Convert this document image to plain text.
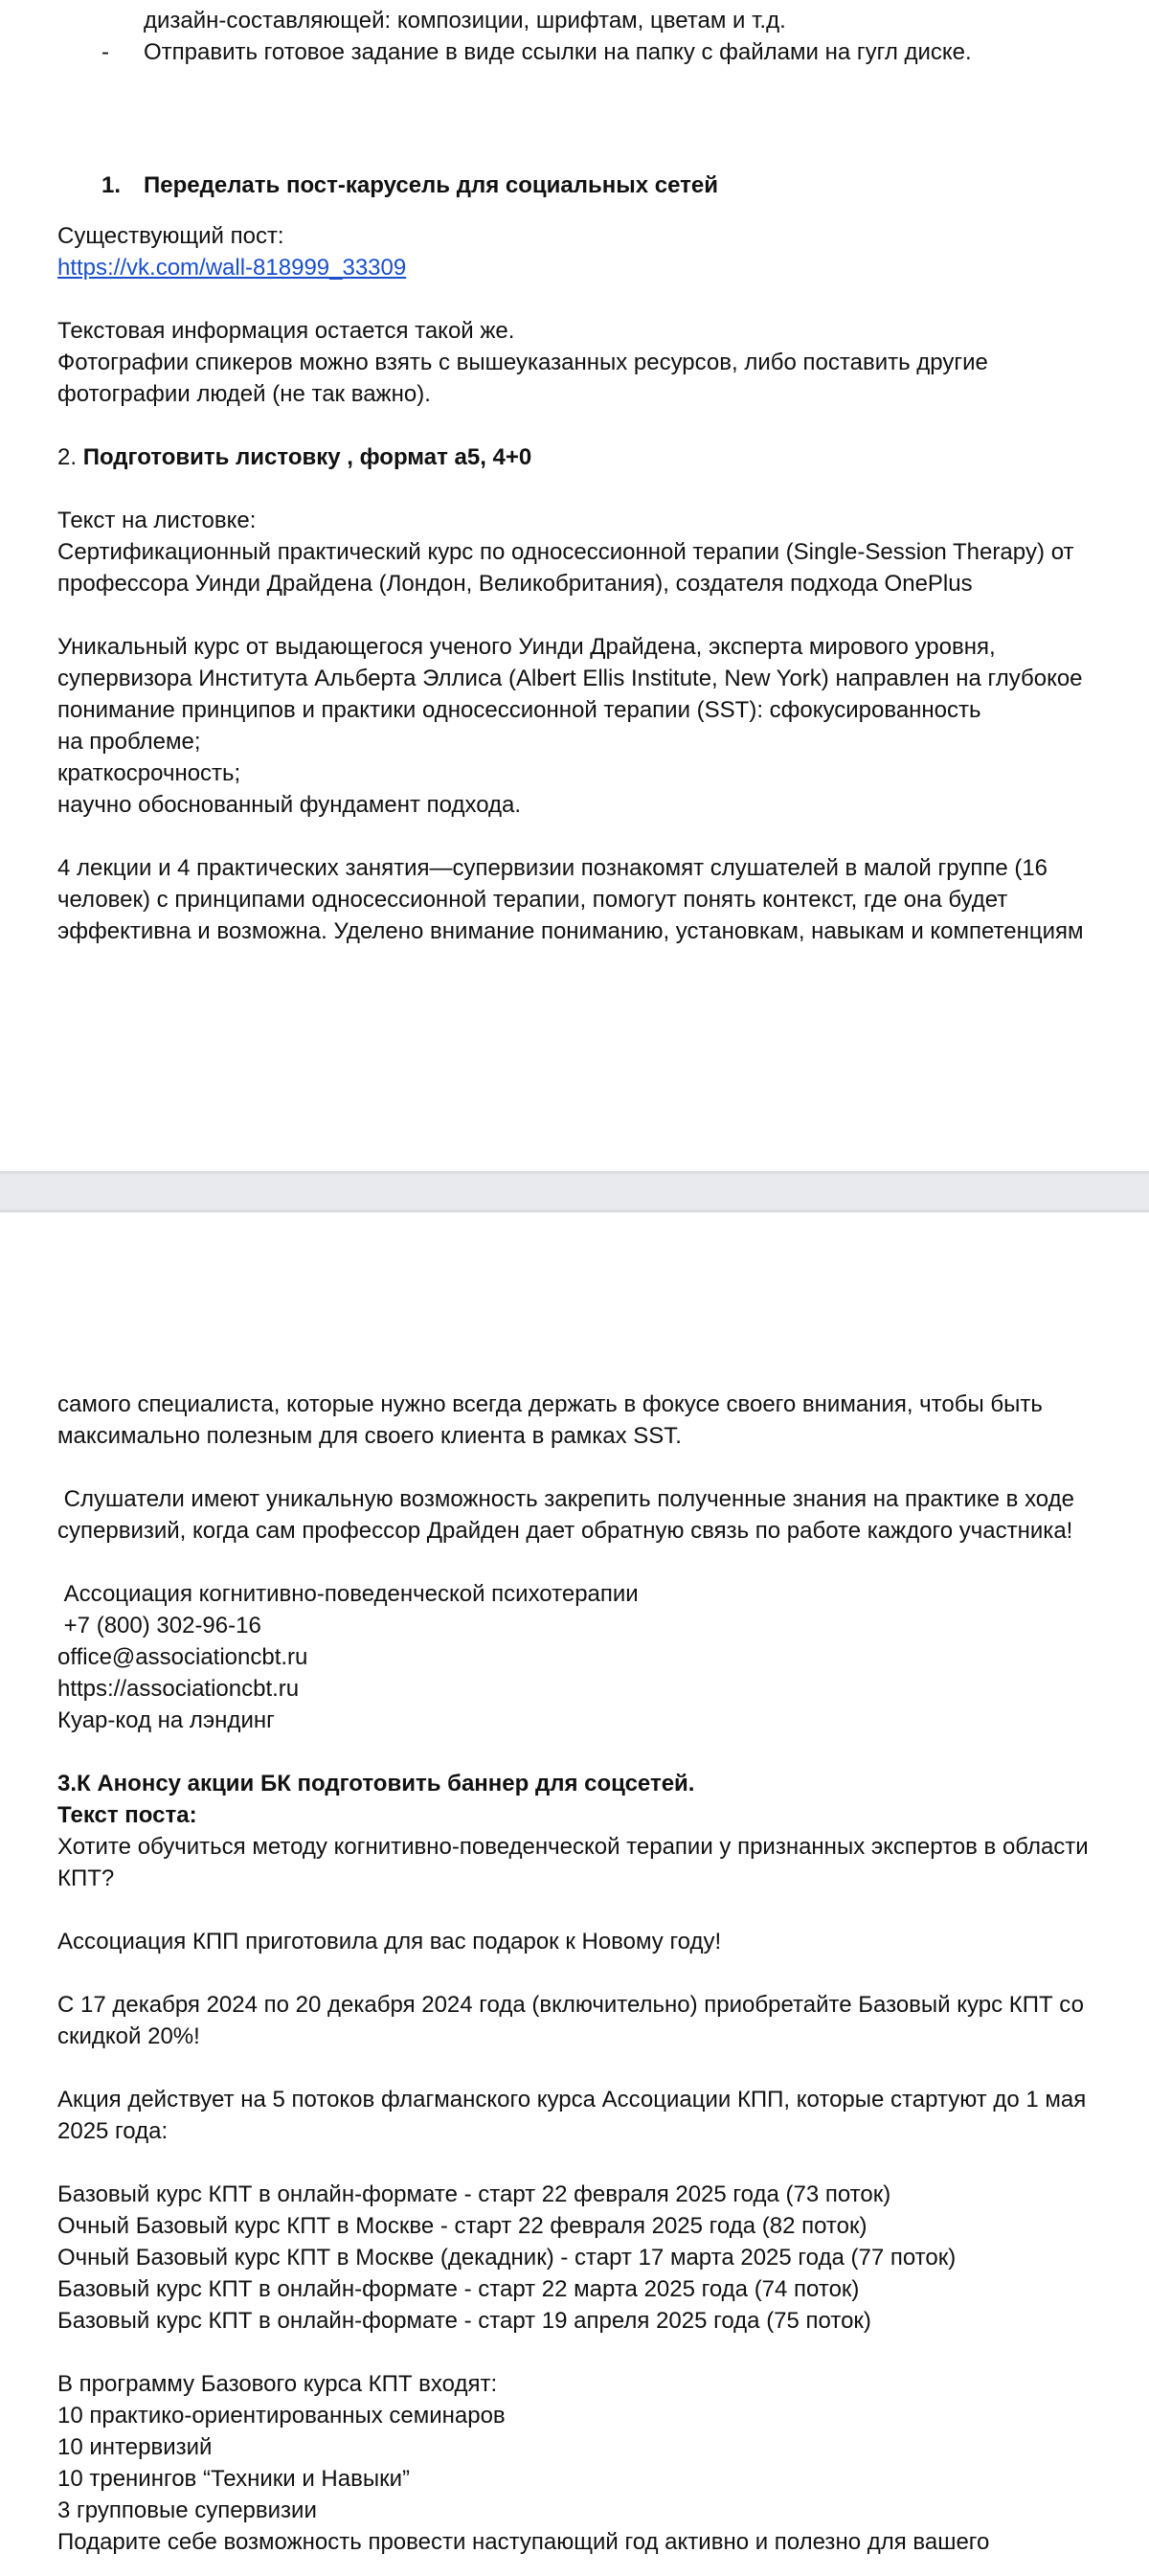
дизайн-составляющей: композиции, шрифтам, цветам и т.д.

- Отправить готовое задание в виде ссылки на папку с файлами на гугл диске.

1. Переделать пост-карусель для социальных сетей

Существующий пост:

https://vk.com/wall-818999_33309

Текстовая информация остается такой же.

Фотографии спикеров можно взять с вышеуказанных ресурсов, либо поставить другие

фотографии людей (не так важно).

2. Подготовить листовку , формат а5, 4+0

Текст на листовке:

Сертификационный практический курс по односессионной терапии (Single-Session Therapy) от

профессора Уинди Драйдена (Лондон, Великобритания), создателя подхода OnePlus

Уникальный курс от выдающегося ученого Уинди Драйдена, эксперта мирового уровня,

супервизора Института Альберта Эллиса (Albert Ellis Institute, New York) направлен на глубокое

понимание принципов и практики односессионной терапии (SST): сфокусированность

на проблеме;

краткосрочность;

научно обоснованный фундамент подхода.

4 лекции и 4 практических занятия—супервизии познакомят слушателей в малой группе (16

человек) с принципами односессионной терапии, помогут понять контекст, где она будет

эффективна и возможна. Уделено внимание пониманию, установкам, навыкам и компетенциям

самого специалиста, которые нужно всегда держать в фокусе своего внимания, чтобы быть

максимально полезным для своего клиента в рамках SST.

Слушатели имеют уникальную возможность закрепить полученные знания на практике в ходе

супервизий, когда сам профессор Драйден дает обратную связь по работе каждого участника!

Ассоциация когнитивно-поведенческой психотерапии

+7 (800) 302-96-16

office@associationcbt.ru

https://associationcbt.ru

Куар-код на лэндинг

3.К Анонсу акции БК подготовить баннер для соцсетей.

Текст поста:

Хотите обучиться методу когнитивно-поведенческой терапии у признанных экспертов в области

КПТ?

Ассоциация КПП приготовила для вас подарок к Новому году!

С 17 декабря 2024 по 20 декабря 2024 года (включительно) приобретайте Базовый курс КПТ со

скидкой 20%!

Акция действует на 5 потоков флагманского курса Ассоциации КПП, которые стартуют до 1 мая

2025 года:

Базовый курс КПТ в онлайн-формате - старт 22 февраля 2025 года (73 поток)

Очный Базовый курс КПТ в Москве - старт 22 февраля 2025 года (82 поток)

Очный Базовый курс КПТ в Москве (декадник) - старт 17 марта 2025 года (77 поток)

Базовый курс КПТ в онлайн-формате - старт 22 марта 2025 года (74 поток)

Базовый курс КПТ в онлайн-формате - старт 19 апреля 2025 года (75 поток)

В программу Базового курса КПТ входят:

10 практико-ориентированных семинаров

10 интервизий

10 тренингов “Техники и Навыки”

3 групповые супервизии

Подарите себе возможность провести наступающий год активно и полезно для вашего
